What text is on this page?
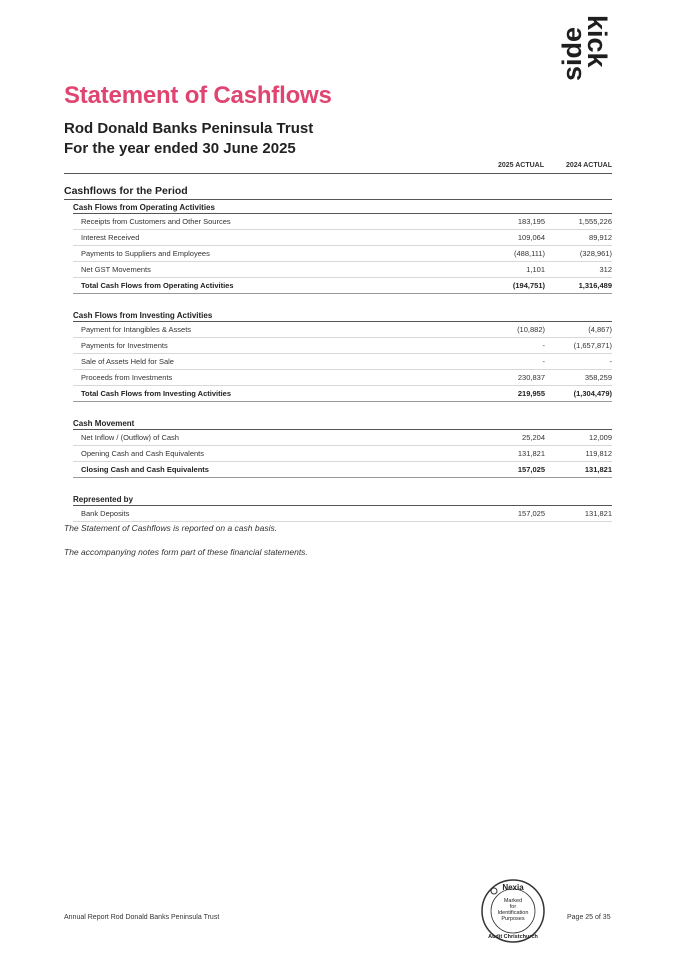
kick
side
Statement of Cashflows
Rod Donald Banks Peninsula Trust
For the year ended 30 June 2025
2025 ACTUAL	2024 ACTUAL
Cashflows for the Period
Cash Flows from Operating Activities
Receipts from Customers and Other Sources	183,195	1,555,226
Interest Received	109,064	89,912
Payments to Suppliers and Employees	(488,111)	(328,961)
Net GST Movements	1,101	312
Total Cash Flows from Operating Activities	(194,751)	1,316,489
Cash Flows from Investing Activities
Payment for Intangibles & Assets	(10,882)	(4,867)
Payments for Investments	-	(1,657,871)
Sale of Assets Held for Sale	-	-
Proceeds from Investments	230,837	358,259
Total Cash Flows from Investing Activities	219,955	(1,304,479)
Cash Movement
Net Inflow / (Outflow) of Cash	25,204	12,009
Opening Cash and Cash Equivalents	131,821	119,812
Closing Cash and Cash Equivalents	157,025	131,821
Represented by
Bank Deposits	157,025	131,821

The Statement of Cashflows is reported on a cash basis.

The accompanying notes form part of these financial statements.

Nexia
Marked
for
Identification
Purposes
Audit Christchurch
Annual Report Rod Donald Banks Peninsula Trust	Page 25 of 35
